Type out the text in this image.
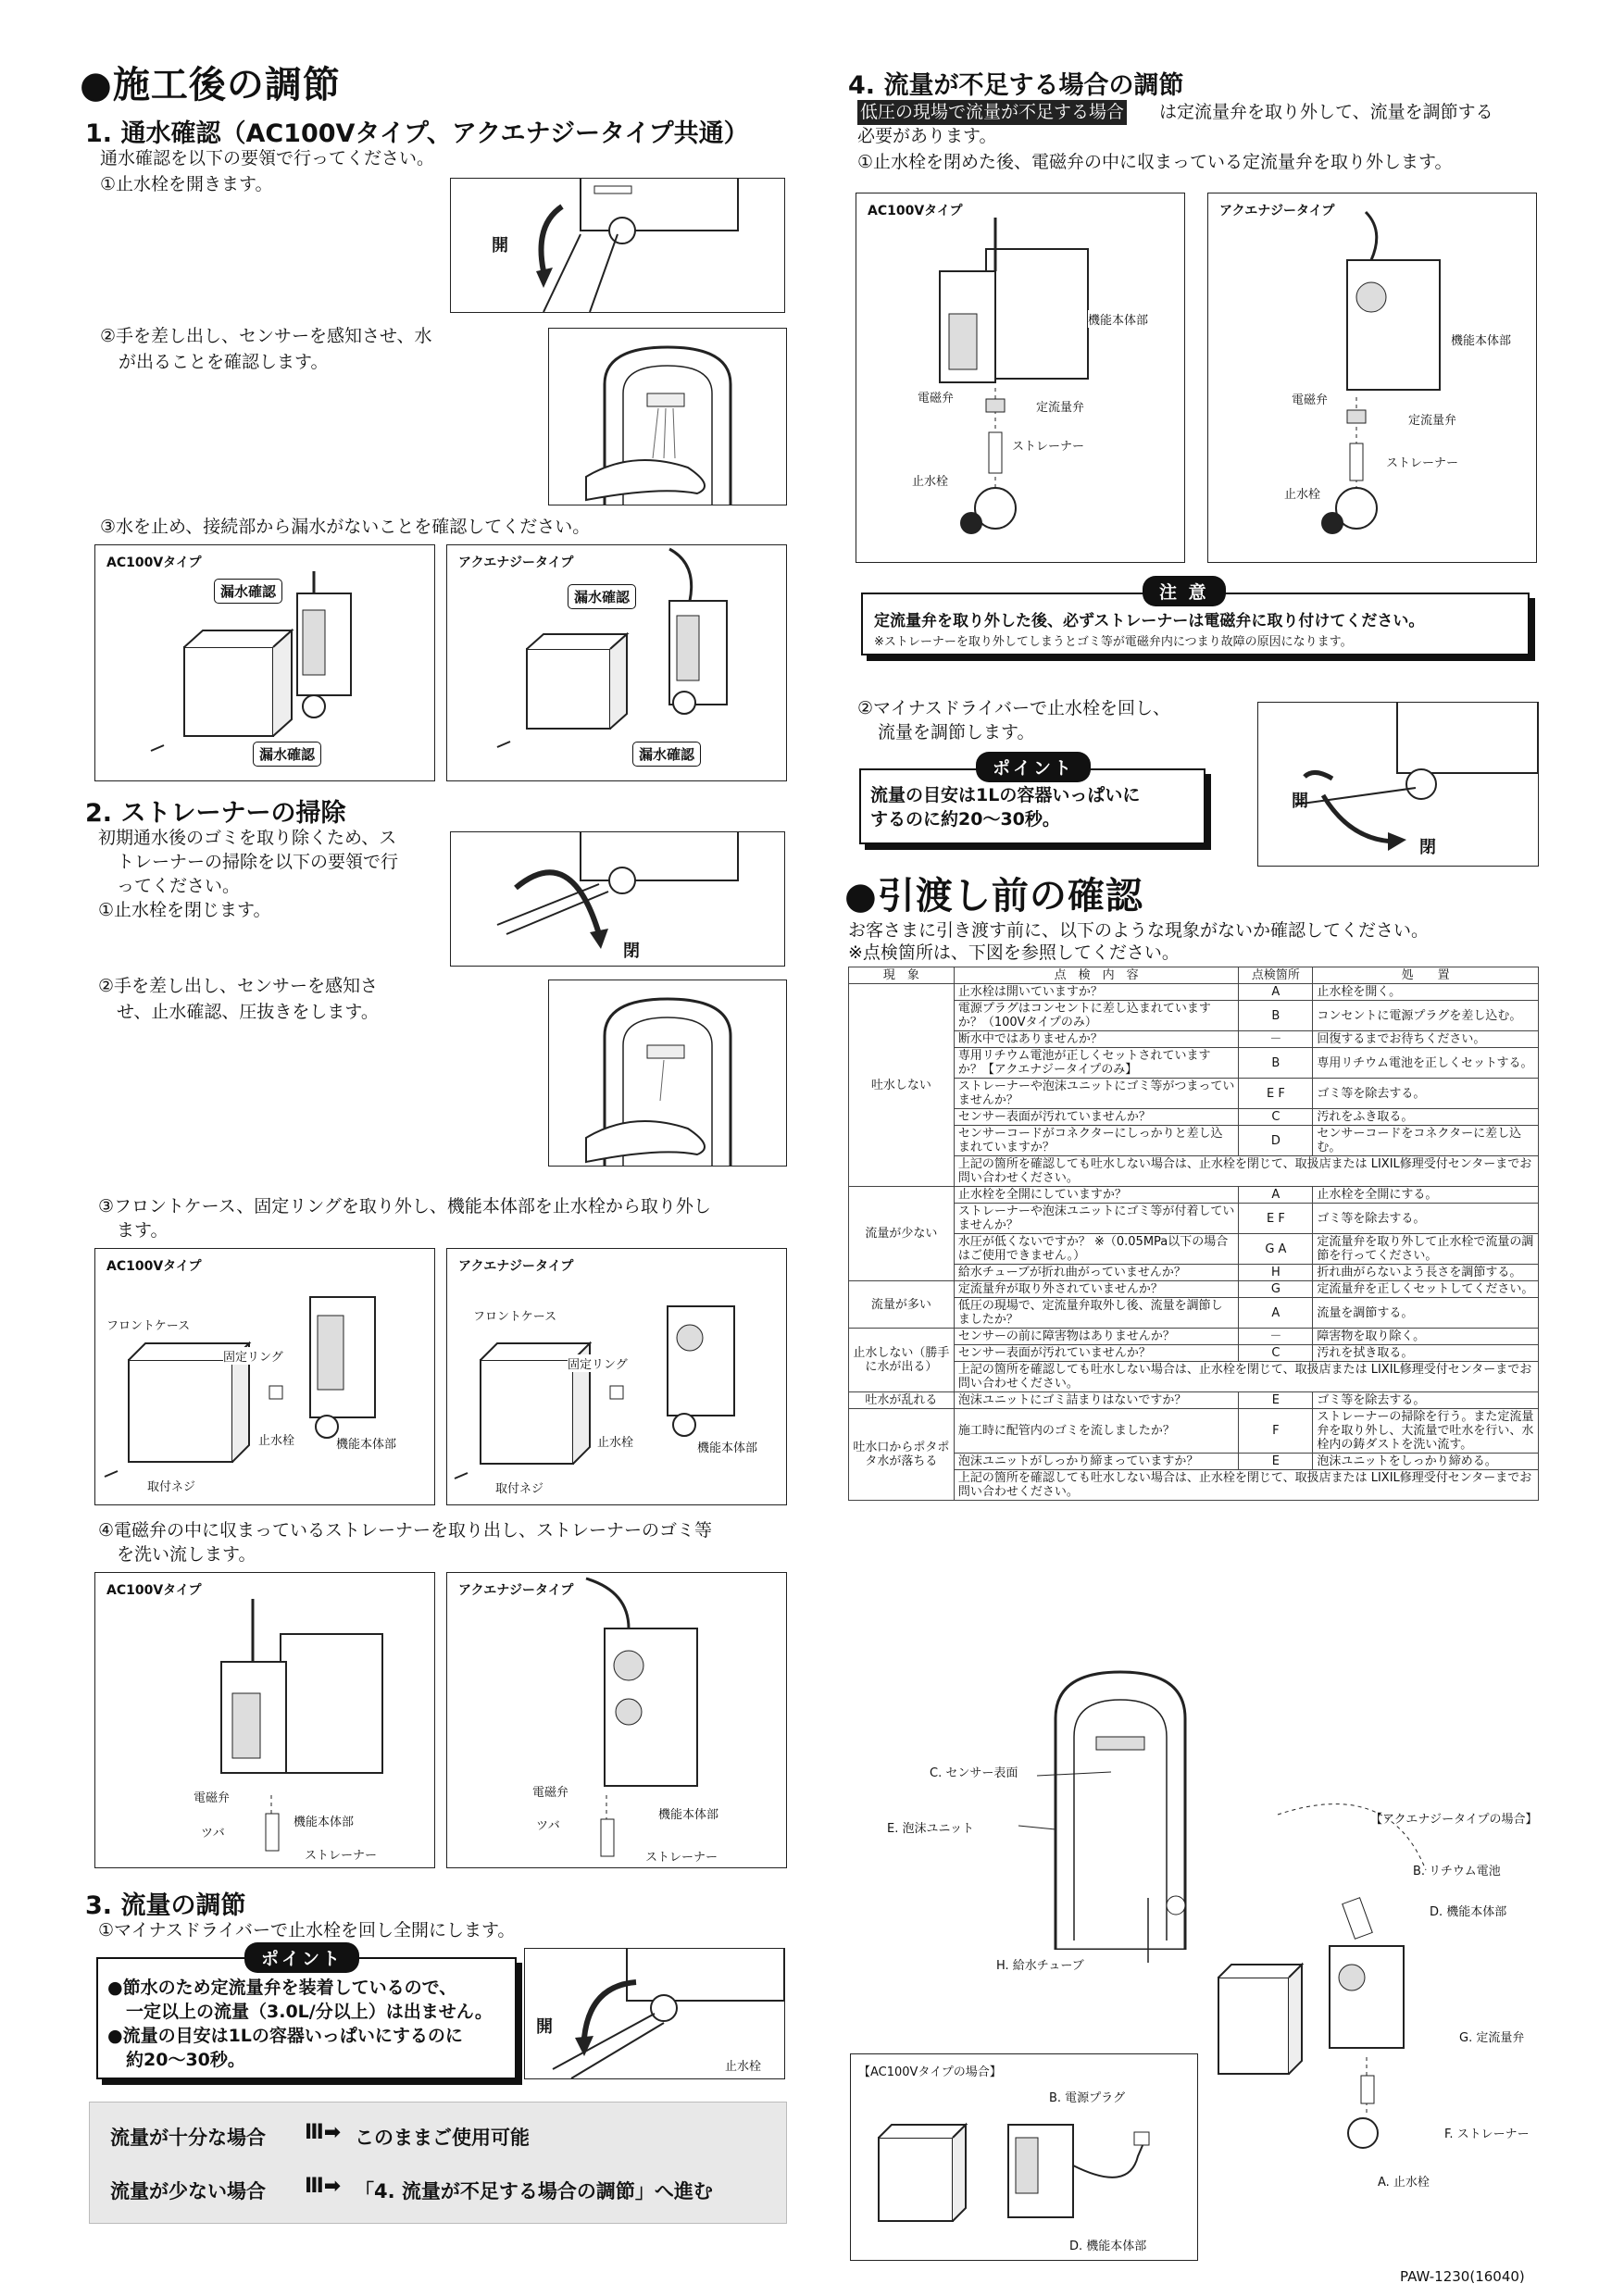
●施工後の調節
1. 通水確認（AC100Vタイプ、アクエナジータイプ共通）
通水確認を以下の要領で行ってください。
①止水栓を開きます。
開
②手を差し出し、センサーを感知させ、水
が出ることを確認します。
③水を止め、接続部から漏水がないことを確認してください。
AC100Vタイプ
漏水確認
漏水確認
アクエナジータイプ
漏水確認
漏水確認
2. ストレーナーの掃除
初期通水後のゴミを取り除くため、ス
トレーナーの掃除を以下の要領で行
ってください。
①止水栓を閉じます。
閉
②手を差し出し、センサーを感知さ
せ、止水確認、圧抜きをします。
③フロントケース、固定リングを取り外し、機能本体部を止水栓から取り外し
ます。
AC100Vタイプ
フロントケース
固定リング
止水栓	機能本体部
取付ネジ
アクエナジータイプ
フロントケース
固定リング
止水栓	機能本体部
取付ネジ
④電磁弁の中に収まっているストレーナーを取り出し、ストレーナーのゴミ等
を洗い流します。
AC100Vタイプ
電磁弁
ツバ
機能本体部
ストレーナー
アクエナジータイプ
電磁弁
ツバ
機能本体部
ストレーナー
3. 流量の調節
①マイナスドライバーで止水栓を回し全開にします。
●節水のため定流量弁を装着しているので、
一定以上の流量（3.0L/分以上）は出ません。
●流量の目安は1Lの容器いっぱいにするのに
約20〜30秒。
ポイント
開
止水栓
流量が十分な場合 Ⅲ➡ このままご使用可能
流量が少ない場合 Ⅲ➡ 「4. 流量が不足する場合の調節」へ進む
4. 流量が不足する場合の調節
低圧の現場で流量が不足する場合 は定流量弁を取り外して、流量を調節する
必要があります。
①止水栓を閉めた後、電磁弁の中に収まっている定流量弁を取り外します。
AC100Vタイプ
機能本体部
電磁弁
定流量弁
ストレーナー
止水栓
アクエナジータイプ
機能本体部
電磁弁
定流量弁
ストレーナー
止水栓
定流量弁を取り外した後、必ずストレーナーは電磁弁に取り付けてください。
※ストレーナーを取り外してしまうとゴミ等が電磁弁内につまり故障の原因になります。
注 意
②マイナスドライバーで止水栓を回し、
流量を調節します。
流量の目安は1Lの容器いっぱいに
するのに約20〜30秒。
ポイント
開
閉
●引渡し前の確認
お客さまに引き渡す前に、以下のような現象がないか確認してください。
※点検箇所は、下図を参照してください。
現　象	点　検　内　容	点検箇所	処　　置
吐水しない	止水栓は開いていますか？	A	止水栓を開く。
	電源プラグはコンセントに差し込まれていますか？（100Vタイプのみ）	B	コンセントに電源プラグを差し込む。
	断水中ではありませんか？	－	回復するまでお待ちください。
	専用リチウム電池が正しくセットされていますか？【アクエナジータイプのみ】	B	専用リチウム電池を正しくセットする。
	ストレーナーや泡沫ユニットにゴミ等がつまっていませんか？	E F	ゴミ等を除去する。
	センサー表面が汚れていませんか？	C	汚れをふき取る。
	センサーコードがコネクターにしっかりと差し込まれていますか？	D	センサーコードをコネクターに差し込む。
	上記の箇所を確認しても吐水しない場合は、止水栓を閉じて、取扱店または LIXIL修理受付センターまでお問い合わせください。		
流量が少ない	止水栓を全開にしていますか？	A	止水栓を全開にする。
	ストレーナーや泡沫ユニットにゴミ等が付着していませんか？	E F	ゴミ等を除去する。
	水圧が低くないですか？ ※（0.05MPa以下の場合はご使用できません。）	G A	定流量弁を取り外して止水栓で流量の調節を行ってください。
	給水チューブが折れ曲がっていませんか？	H	折れ曲がらないよう長さを調節する。
流量が多い	定流量弁が取り外されていませんか？	G	定流量弁を正しくセットしてください。
	低圧の現場で、定流量弁取外し後、流量を調節しましたか？	A	流量を調節する。
止水しない（勝手に水が出る）	センサーの前に障害物はありませんか？	－	障害物を取り除く。
	センサー表面が汚れていませんか？	C	汚れを拭き取る。
	上記の箇所を確認しても吐水しない場合は、止水栓を閉じて、取扱店または LIXIL修理受付センターまでお問い合わせください。		
吐水が乱れる	泡沫ユニットにゴミ詰まりはないですか？	E	ゴミ等を除去する。
吐水口からポタポタ水が落ちる	施工時に配管内のゴミを流しましたか？	F	ストレーナーの掃除を行う。また定流量弁を取り外し、大流量で吐水を行い、水栓内の鋳ダストを洗い流す。
	泡沫ユニットがしっかり締まっていますか？	E	泡沫ユニットをしっかり締める。
	上記の箇所を確認しても吐水しない場合は、止水栓を閉じて、取扱店または LIXIL修理受付センターまでお問い合わせください。		
C. センサー表面
E. 泡沫ユニット
H. 給水チューブ
【アクエナジータイプの場合】
B. リチウム電池
D. 機能本体部
G. 定流量弁
F. ストレーナー
A. 止水栓
【AC100Vタイプの場合】
B. 電源プラグ
D. 機能本体部
PAW-1230(16040)
